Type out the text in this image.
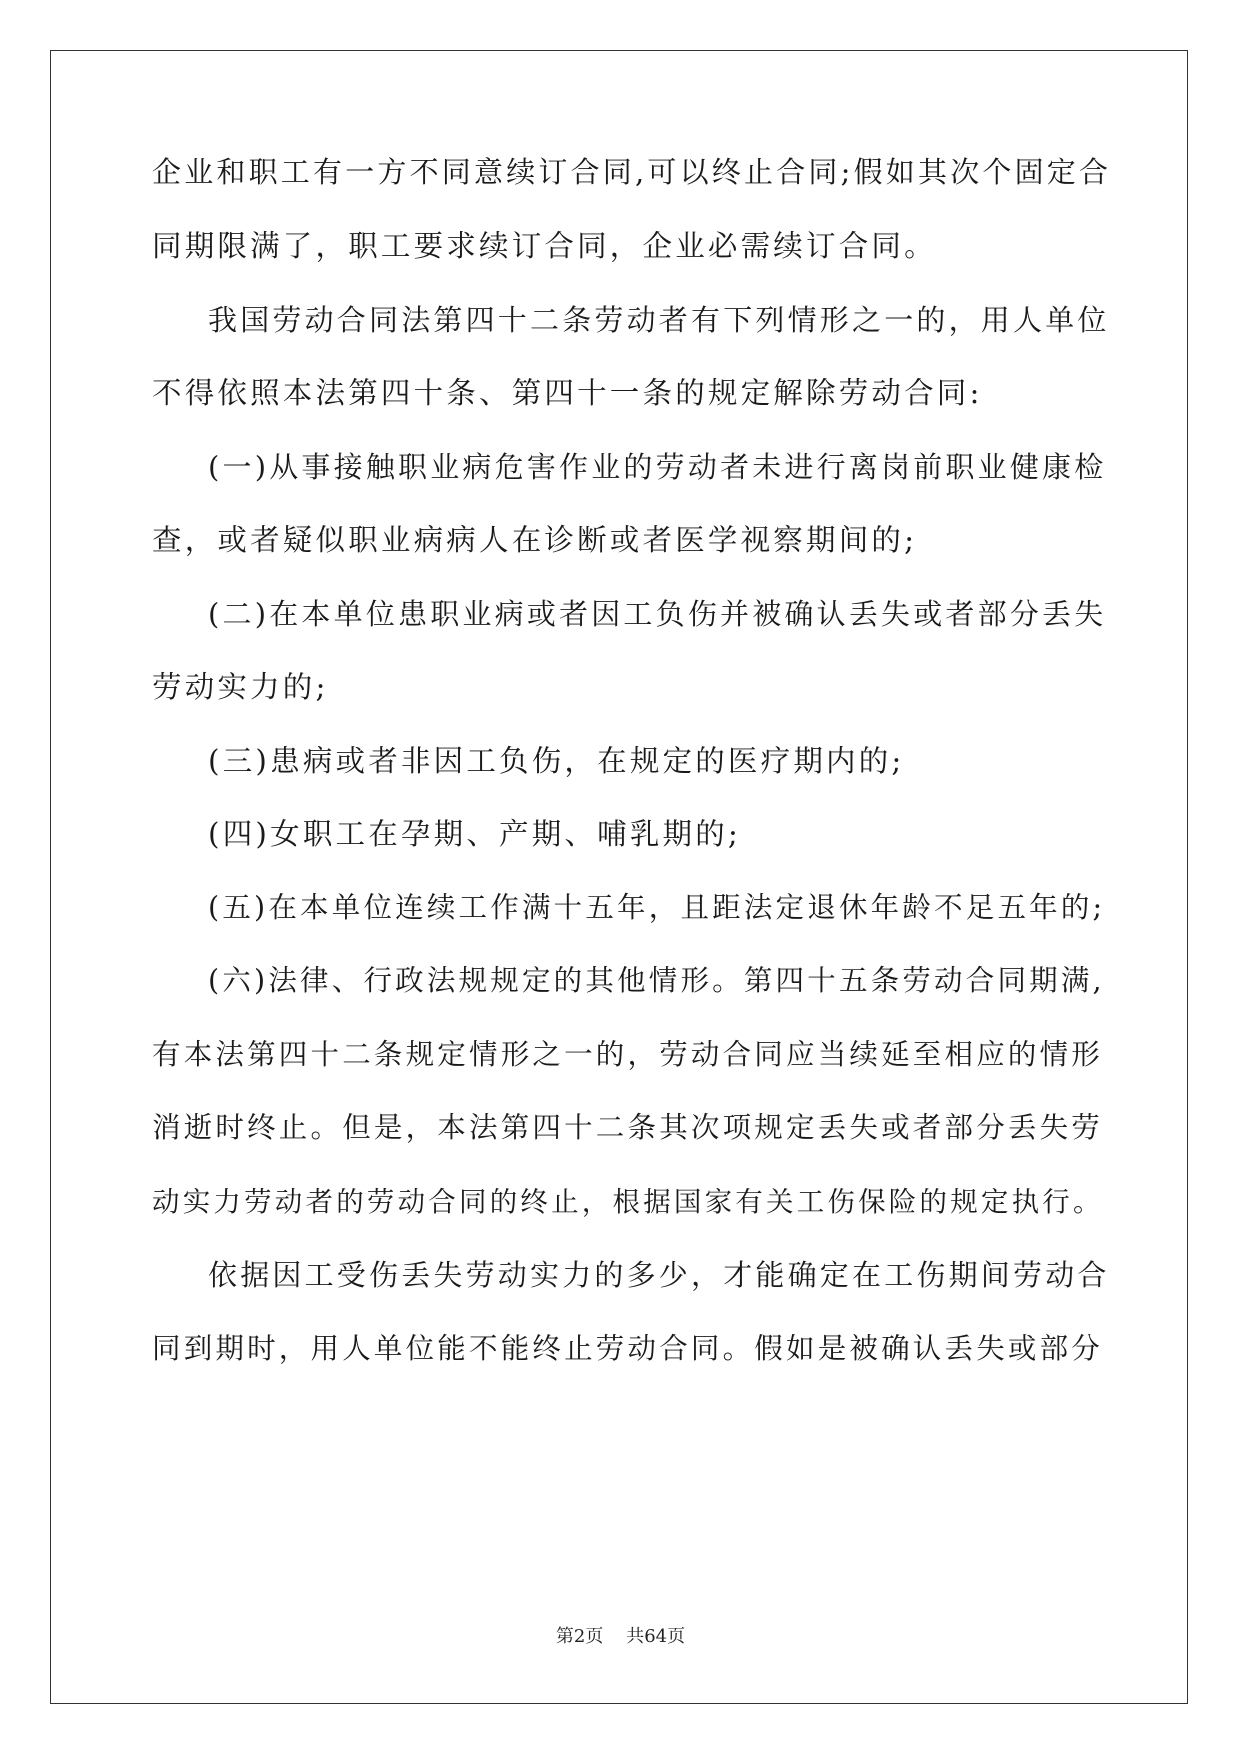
企业和职工有一方不同意续订合同,可以终止合同;假如其次个固定合
同期限满了，职工要求续订合同，企业必需续订合同。
我国劳动合同法第四十二条劳动者有下列情形之一的，用人单位
不得依照本法第四十条、第四十一条的规定解除劳动合同:
(一)从事接触职业病危害作业的劳动者未进行离岗前职业健康检
查，或者疑似职业病病人在诊断或者医学视察期间的;
(二)在本单位患职业病或者因工负伤并被确认丢失或者部分丢失
劳动实力的;
(三)患病或者非因工负伤，在规定的医疗期内的;
(四)女职工在孕期、产期、哺乳期的;
(五)在本单位连续工作满十五年，且距法定退休年龄不足五年的;
(六)法律、行政法规规定的其他情形。第四十五条劳动合同期满,
有本法第四十二条规定情形之一的，劳动合同应当续延至相应的情形
消逝时终止。但是，本法第四十二条其次项规定丢失或者部分丢失劳
动实力劳动者的劳动合同的终止，根据国家有关工伤保险的规定执行。
依据因工受伤丢失劳动实力的多少，才能确定在工伤期间劳动合
同到期时，用人单位能不能终止劳动合同。假如是被确认丢失或部分
第2页 共64页
